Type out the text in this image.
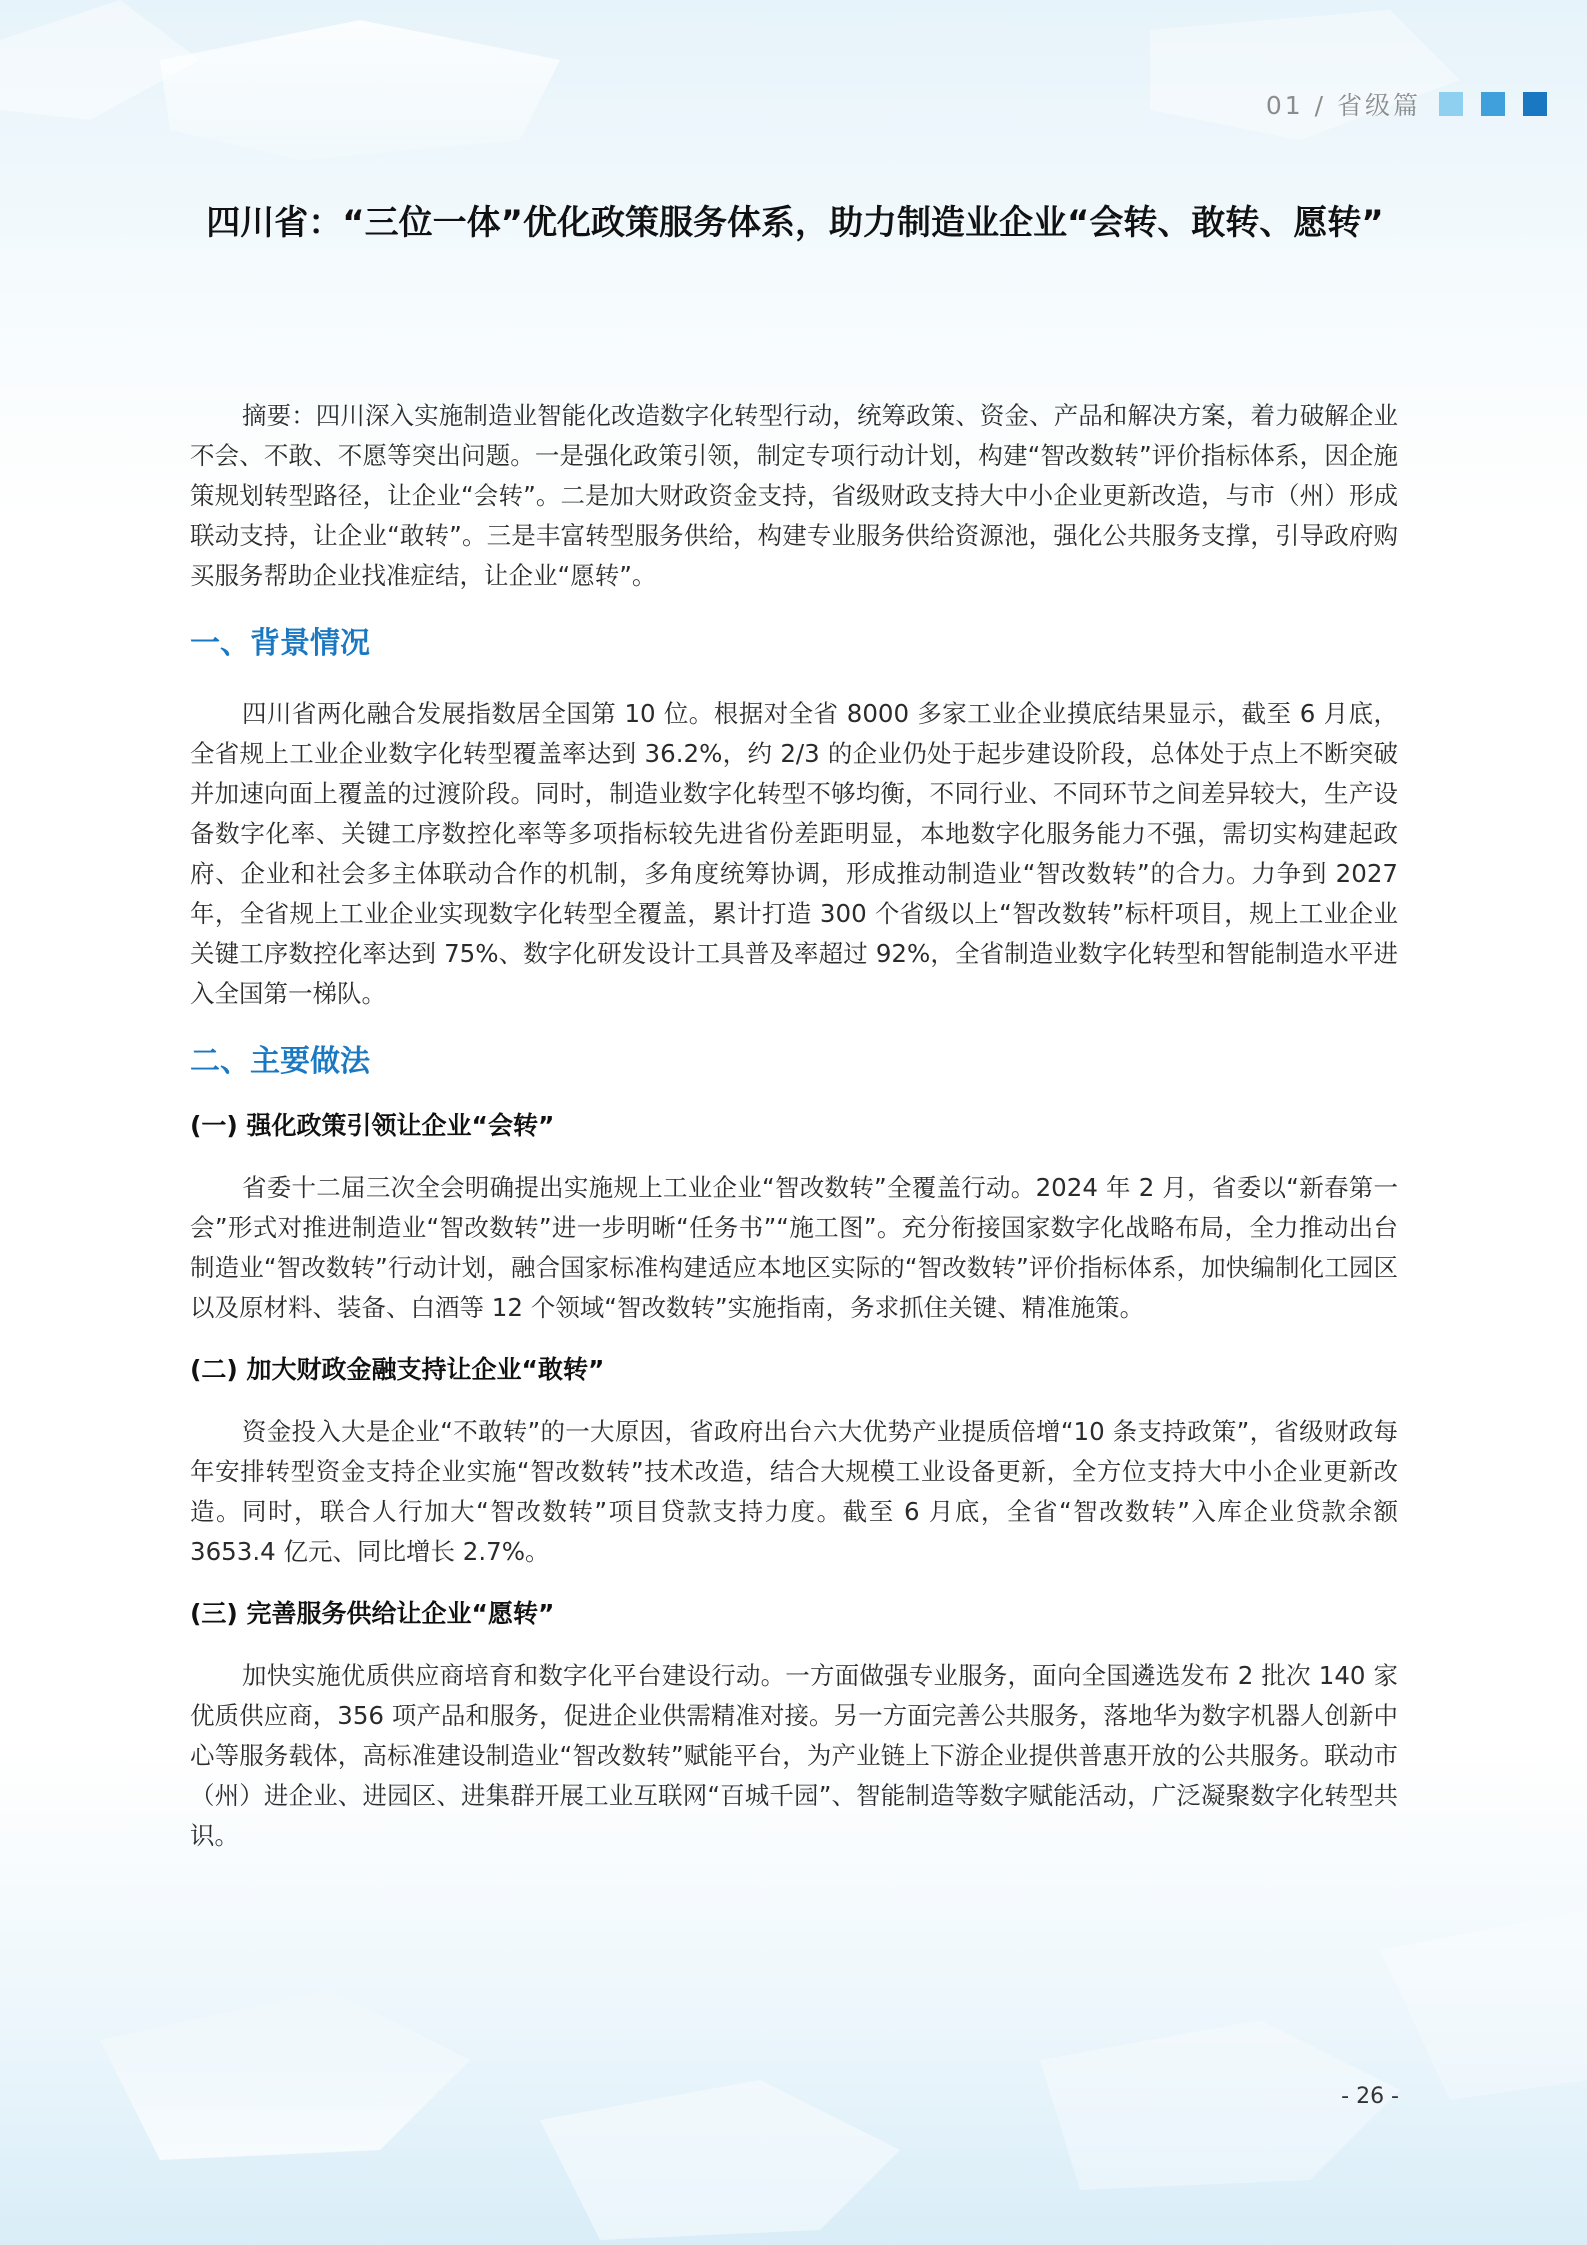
01 / 省级篇
四川省：“三位一体”优化政策服务体系，助力制造业企业“会转、敢转、愿转”

摘要：四川深入实施制造业智能化改造数字化转型行动，统筹政策、资金、产品和解决方案，着力破解企业不会、不敢、不愿等突出问题。一是强化政策引领，制定专项行动计划，构建“智改数转”评价指标体系，因企施策规划转型路径，让企业“会转”。二是加大财政资金支持，省级财政支持大中小企业更新改造，与市（州）形成联动支持，让企业“敢转”。三是丰富转型服务供给，构建专业服务供给资源池，强化公共服务支撑，引导政府购买服务帮助企业找准症结，让企业“愿转”。

一、背景情况

四川省两化融合发展指数居全国第 10 位。根据对全省 8000 多家工业企业摸底结果显示，截至 6 月底，全省规上工业企业数字化转型覆盖率达到 36.2%，约 2/3 的企业仍处于起步建设阶段，总体处于点上不断突破并加速向面上覆盖的过渡阶段。同时，制造业数字化转型不够均衡，不同行业、不同环节之间差异较大，生产设备数字化率、关键工序数控化率等多项指标较先进省份差距明显，本地数字化服务能力不强，需切实构建起政府、企业和社会多主体联动合作的机制，多角度统筹协调，形成推动制造业“智改数转”的合力。力争到 2027 年，全省规上工业企业实现数字化转型全覆盖，累计打造 300 个省级以上“智改数转”标杆项目，规上工业企业关键工序数控化率达到 75%、数字化研发设计工具普及率超过 92%，全省制造业数字化转型和智能制造水平进入全国第一梯队。

二、主要做法
(一) 强化政策引领让企业“会转”

省委十二届三次全会明确提出实施规上工业企业“智改数转”全覆盖行动。2024 年 2 月，省委以“新春第一会”形式对推进制造业“智改数转”进一步明晰“任务书”“施工图”。充分衔接国家数字化战略布局，全力推动出台制造业“智改数转”行动计划，融合国家标准构建适应本地区实际的“智改数转”评价指标体系，加快编制化工园区以及原材料、装备、白酒等 12 个领域“智改数转”实施指南，务求抓住关键、精准施策。

(二) 加大财政金融支持让企业“敢转”

资金投入大是企业“不敢转”的一大原因，省政府出台六大优势产业提质倍增“10 条支持政策”，省级财政每年安排转型资金支持企业实施“智改数转”技术改造，结合大规模工业设备更新，全方位支持大中小企业更新改造。同时，联合人行加大“智改数转”项目贷款支持力度。截至 6 月底，全省“智改数转”入库企业贷款余额 3653.4 亿元、同比增长 2.7%。

(三) 完善服务供给让企业“愿转”

加快实施优质供应商培育和数字化平台建设行动。一方面做强专业服务，面向全国遴选发布 2 批次 140 家优质供应商，356 项产品和服务，促进企业供需精准对接。另一方面完善公共服务，落地华为数字机器人创新中心等服务载体，高标准建设制造业“智改数转”赋能平台，为产业链上下游企业提供普惠开放的公共服务。联动市（州）进企业、进园区、进集群开展工业互联网“百城千园”、智能制造等数字赋能活动，广泛凝聚数字化转型共识。

- 26 -
